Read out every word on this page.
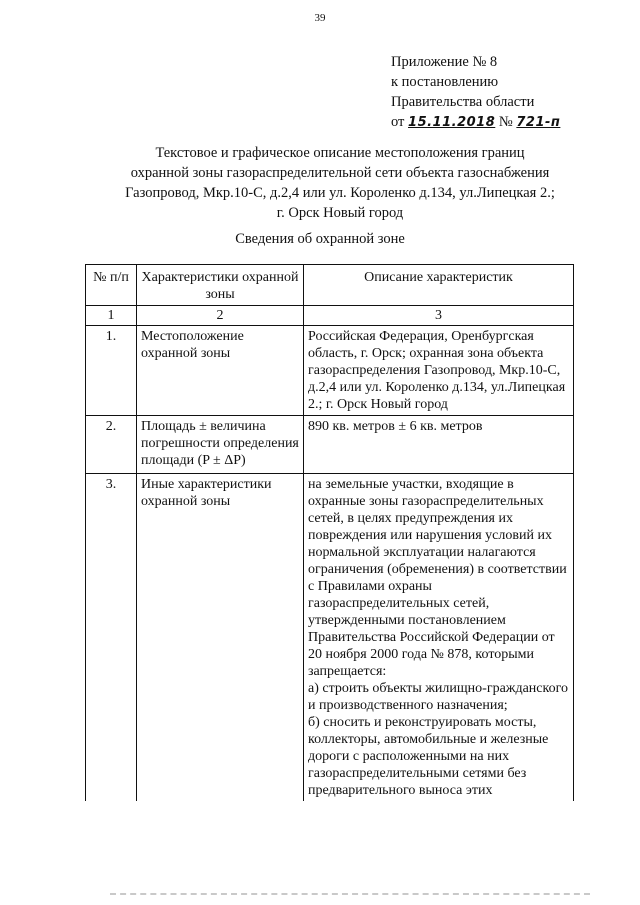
39
Приложение № 8
к постановлению
Правительства области
от 15.11.2018 № 721-п
Текстовое и графическое описание местоположения границ
охранной зоны газораспределительной сети объекта газоснабжения
Газопровод, Мкр.10-С, д.2,4 или ул. Короленко д.134, ул.Липецкая 2.;
г. Орск Новый город
Сведения об охранной зоне
№ п/п	Характеристики охранной зоны	Описание характеристик
1	2	3
1.	Местоположение охранной зоны	Российская Федерация, Оренбургская область, г. Орск; охранная зона объекта газораспределения Газопровод, Мкр.10-С, д.2,4 или ул. Короленко д.134, ул.Липецкая 2.; г. Орск Новый город
2.	Площадь ± величина погрешности определения площади (P ± ΔP)	890 кв. метров ± 6 кв. метров
3.	Иные характеристики охранной зоны	на земельные участки, входящие в охранные зоны газораспределительных сетей, в целях предупреждения их повреждения или нарушения условий их нормальной эксплуатации налагаются ограничения (обременения) в соответствии с Правилами охраны газораспределительных сетей, утвержденными постановлением Правительства Российской Федерации от 20 ноября 2000 года № 878, которыми запрещается:
а) строить объекты жилищно-гражданского и производственного назначения;
б) сносить и реконструировать мосты, коллекторы, автомобильные и железные дороги с расположенными на них газораспределительными сетями без предварительного выноса этих
